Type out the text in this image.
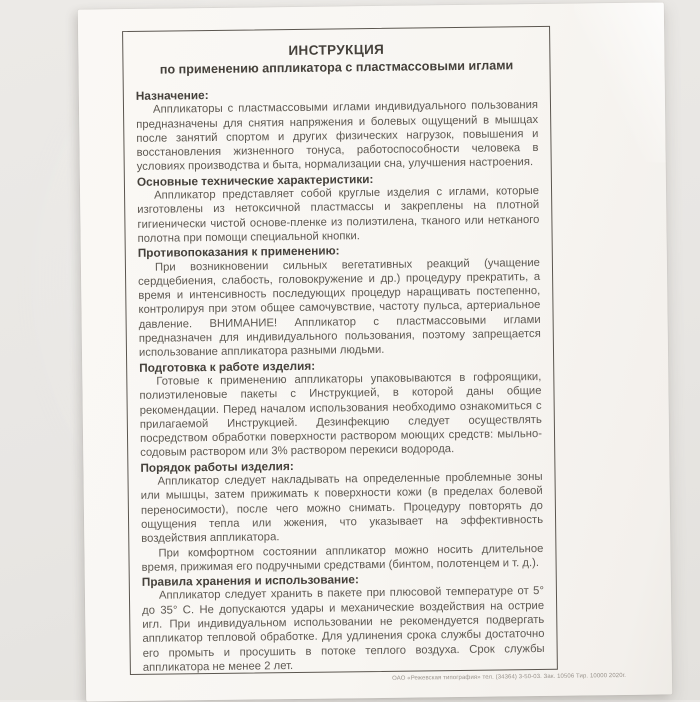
ИНСТРУКЦИЯ
по применению аппликатора с пластмассовыми иглами
Назначение:

Аппликаторы с пластмассовыми иглами индивидуального пользования предназначены для снятия напряжения и болевых ощущений в мышцах после занятий спортом и других физических нагрузок, повышения и восстановления жизненного тонуса, работоспособности человека в условиях производства и быта, нормализации сна, улучшения настроения.

Основные технические характеристики:

Аппликатор представляет собой круглые изделия с иглами, которые изготовлены из нетоксичной пластмассы и закреплены на плотной гигиенически чистой основе-пленке из полиэтилена, тканого или нетканого полотна при помощи специальной кнопки.

Противопоказания к применению:

При возникновении сильных вегетативных реакций (учащение сердцебиения, слабость, головокружение и др.) процедуру прекратить, а время и интенсивность последующих процедур наращивать постепенно, контролируя при этом общее самочувствие, частоту пульса, артериальное давление. ВНИМАНИЕ! Аппликатор с пластмассовыми иглами предназначен для индивидуального пользования, поэтому запрещается использование аппликатора разными людьми.

Подготовка к работе изделия:

Готовые к применению аппликаторы упаковываются в гофроящики, полиэтиленовые пакеты с Инструкцией, в которой даны общие рекомендации. Перед началом использования необходимо ознакомиться с прилагаемой Инструкцией. Дезинфекцию следует осуществлять посредством обработки поверхности раствором моющих средств: мыльно-содовым раствором или 3% раствором перекиси водорода.

Порядок работы изделия:

Аппликатор следует накладывать на определенные проблемные зоны или мышцы, затем прижимать к поверхности кожи (в пределах болевой переносимости), после чего можно снимать. Процедуру повторять до ощущения тепла или жжения, что указывает на эффективность воздействия аппликатора.

При комфортном состоянии аппликатор можно носить длительное время, прижимая его подручными средствами (бинтом, полотенцем и т. д.).

Правила хранения и использование:

Аппликатор следует хранить в пакете при плюсовой температуре от 5° до 35° С. Не допускаются удары и механические воздействия на острие игл. При индивидуальном использовании не рекомендуется подвергать аппликатор тепловой обработке. Для удлинения срока службы достаточно его промыть и просушить в потоке теплого воздуха. Срок службы аппликатора не менее 2 лет.

ОАО «Режевская типография» тел. (34364) 3-50-03. Зак. 10506 Тир. 10000 2020г.
